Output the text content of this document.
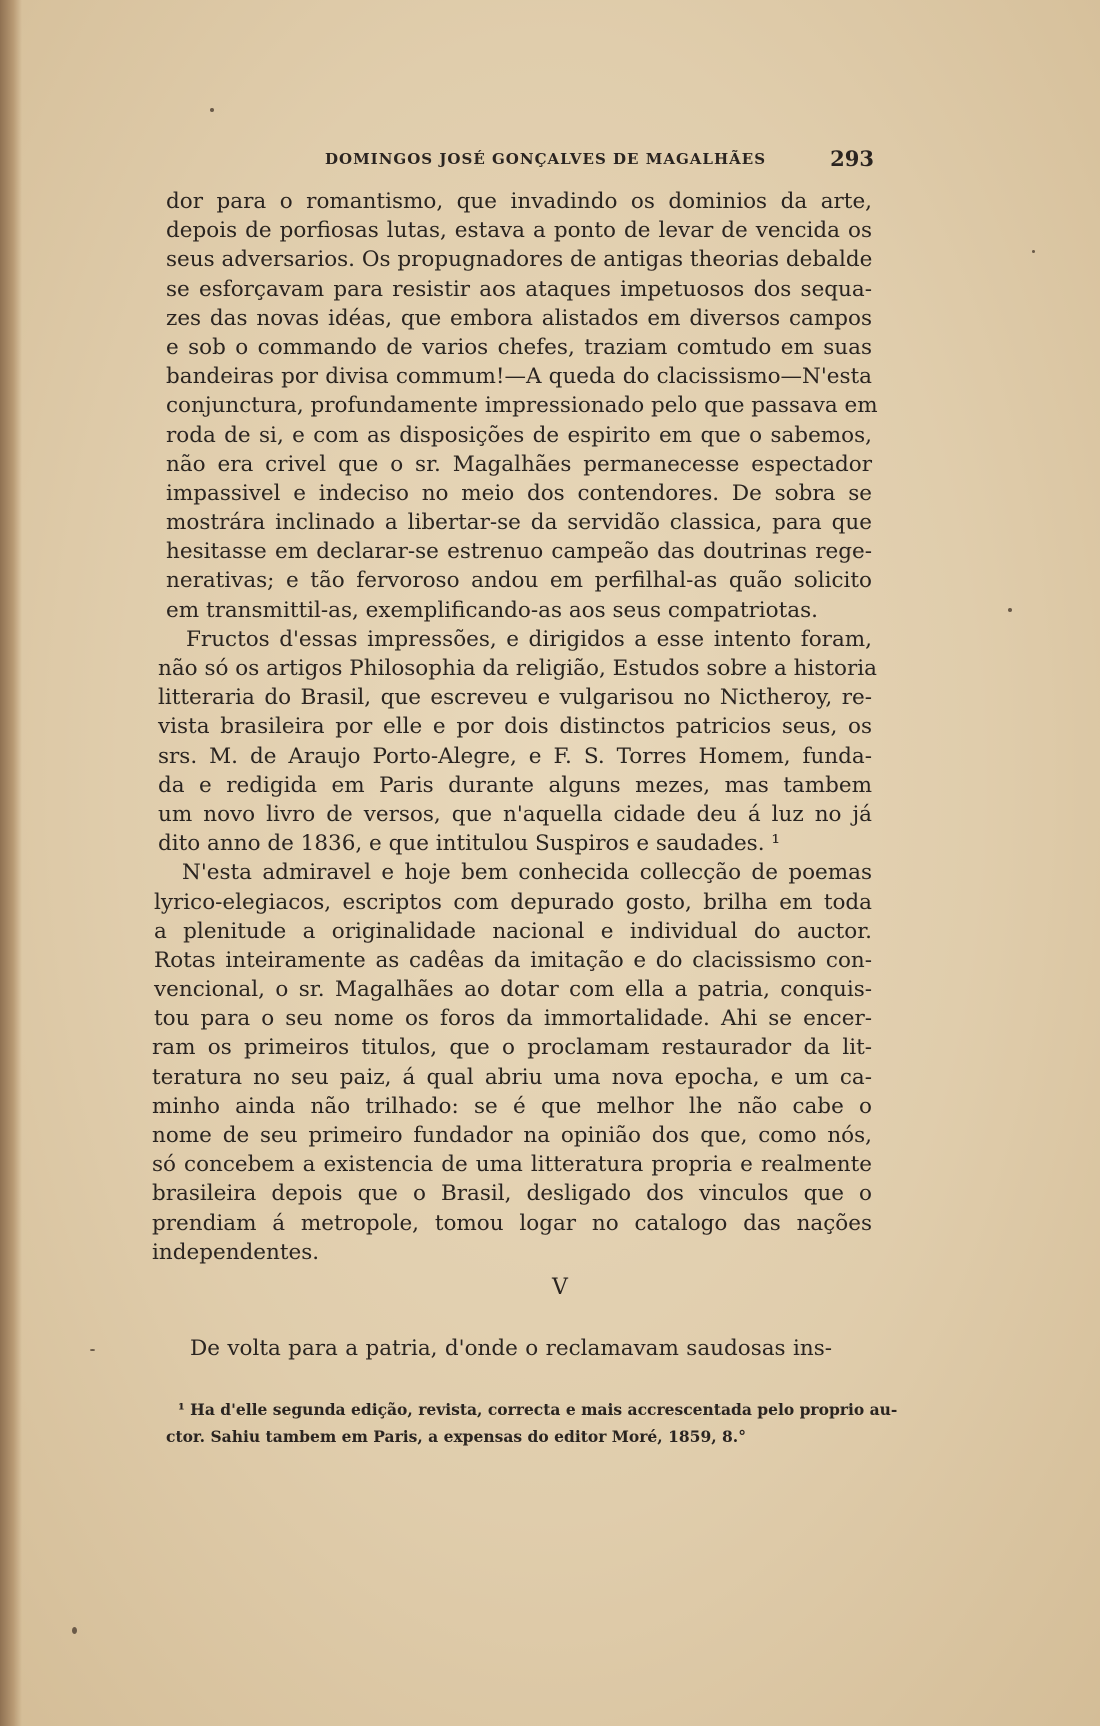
DOMINGOS JOSÉ GONÇALVES DE MAGALHÃES	293
dor para o romantismo, que invadindo os dominios da arte,
depois de porfiosas lutas, estava a ponto de levar de vencida os
seus adversarios. Os propugnadores de antigas theorias debalde
se esforçavam para resistir aos ataques impetuosos dos sequa-
zes das novas idéas, que embora alistados em diversos campos
e sob o commando de varios chefes, traziam comtudo em suas
bandeiras por divisa commum!—A queda do clacissismo—N'esta
conjunctura, profundamente impressionado pelo que passava em
roda de si, e com as disposições de espirito em que o sabemos,
não era crivel que o sr. Magalhães permanecesse espectador
impassivel e indeciso no meio dos contendores. De sobra se
mostrára inclinado a libertar-se da servidão classica, para que
hesitasse em declarar-se estrenuo campeão das doutrinas rege-
nerativas; e tão fervoroso andou em perfilhal-as quão solicito
em transmittil-as, exemplificando-as aos seus compatriotas.
Fructos d'essas impressões, e dirigidos a esse intento foram,
não só os artigos Philosophia da religião, Estudos sobre a historia
litteraria do Brasil, que escreveu e vulgarisou no Nictheroy, re-
vista brasileira por elle e por dois distinctos patricios seus, os
srs. M. de Araujo Porto-Alegre, e F. S. Torres Homem, funda-
da e redigida em Paris durante alguns mezes, mas tambem
um novo livro de versos, que n'aquella cidade deu á luz no já
dito anno de 1836, e que intitulou Suspiros e saudades. ¹
N'esta admiravel e hoje bem conhecida collecção de poemas
lyrico-elegiacos, escriptos com depurado gosto, brilha em toda
a plenitude a originalidade nacional e individual do auctor.
Rotas inteiramente as cadêas da imitação e do clacissismo con-
vencional, o sr. Magalhães ao dotar com ella a patria, conquis-
tou para o seu nome os foros da immortalidade. Ahi se encer-
ram os primeiros titulos, que o proclamam restaurador da lit-
teratura no seu paiz, á qual abriu uma nova epocha, e um ca-
minho ainda não trilhado: se é que melhor lhe não cabe o
nome de seu primeiro fundador na opinião dos que, como nós,
só concebem a existencia de uma litteratura propria e realmente
brasileira depois que o Brasil, desligado dos vinculos que o
prendiam á metropole, tomou logar no catalogo das nações
independentes.
V
De volta para a patria, d'onde o reclamavam saudosas ins-
¹ Ha d'elle segunda edição, revista, correcta e mais accrescentada pelo proprio au-
ctor. Sahiu tambem em Paris, a expensas do editor Moré, 1859, 8.°
